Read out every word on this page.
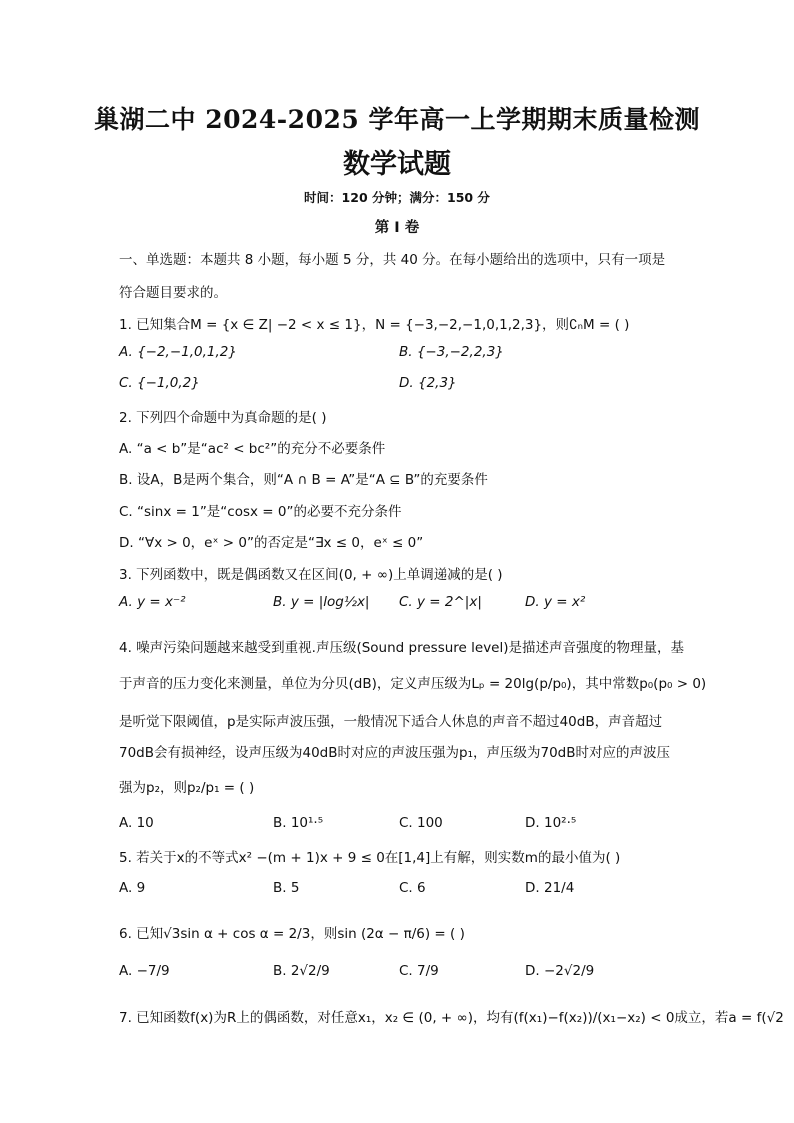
巢湖二中 2024-2025 学年高一上学期期末质量检测
数学试题
时间：120 分钟；满分：150 分
第 I 卷
一、单选题：本题共 8 小题，每小题 5 分，共 40 分。在每小题给出的选项中，只有一项是
符合题目要求的。
1. 已知集合M = {x ∈ Z| −2 < x ≤ 1}，N = {−3,−2,−1,0,1,2,3}，则∁ₙM = ( )
A. {−2,−1,0,1,2}	B. {−3,−2,2,3}
C. {−1,0,2}	D. {2,3}
2. 下列四个命题中为真命题的是( )
A. “a < b”是“ac² < bc²”的充分不必要条件
B. 设A，B是两个集合，则“A ∩ B = A”是“A ⊆ B”的充要条件
C. “sinx = 1”是“cosx = 0”的必要不充分条件
D. “∀x > 0，eˣ > 0”的否定是“∃x ≤ 0，eˣ ≤ 0”
3. 下列函数中，既是偶函数又在区间(0, + ∞)上单调递减的是( )
A. y = x⁻²	B. y = |log½x| C. y = 2^|x|	D. y = x²
4. 噪声污染问题越来越受到重视.声压级(Sound pressure level)是描述声音强度的物理量，基
于声音的压力变化来测量，单位为分贝(dB)，定义声压级为Lₚ = 20lg(p/p₀)，其中常数p₀(p₀ > 0)
是听觉下限阈值，p是实际声波压强，一般情况下适合人休息的声音不超过40dB，声音超过
70dB会有损神经，设声压级为40dB时对应的声波压强为p₁，声压级为70dB时对应的声波压
强为p₂，则p₂/p₁ = ( )
A. 10	B. 10¹·⁵	C. 100	D. 10²·⁵
5. 若关于x的不等式x² −(m + 1)x + 9 ≤ 0在[1,4]上有解，则实数m的最小值为( )
A. 9	B. 5	C. 6	D. 21/4
6. 已知√3sin α + cos α = 2/3，则sin (2α − π/6) = ( )
A. −7/9	B. 2√2/9	C. 7/9	D. −2√2/9
7. 已知函数f(x)为R上的偶函数，对任意x₁，x₂ ∈ (0, + ∞)，均有(f(x₁)−f(x₂))/(x₁−x₂) < 0成立，若a = f(√2
